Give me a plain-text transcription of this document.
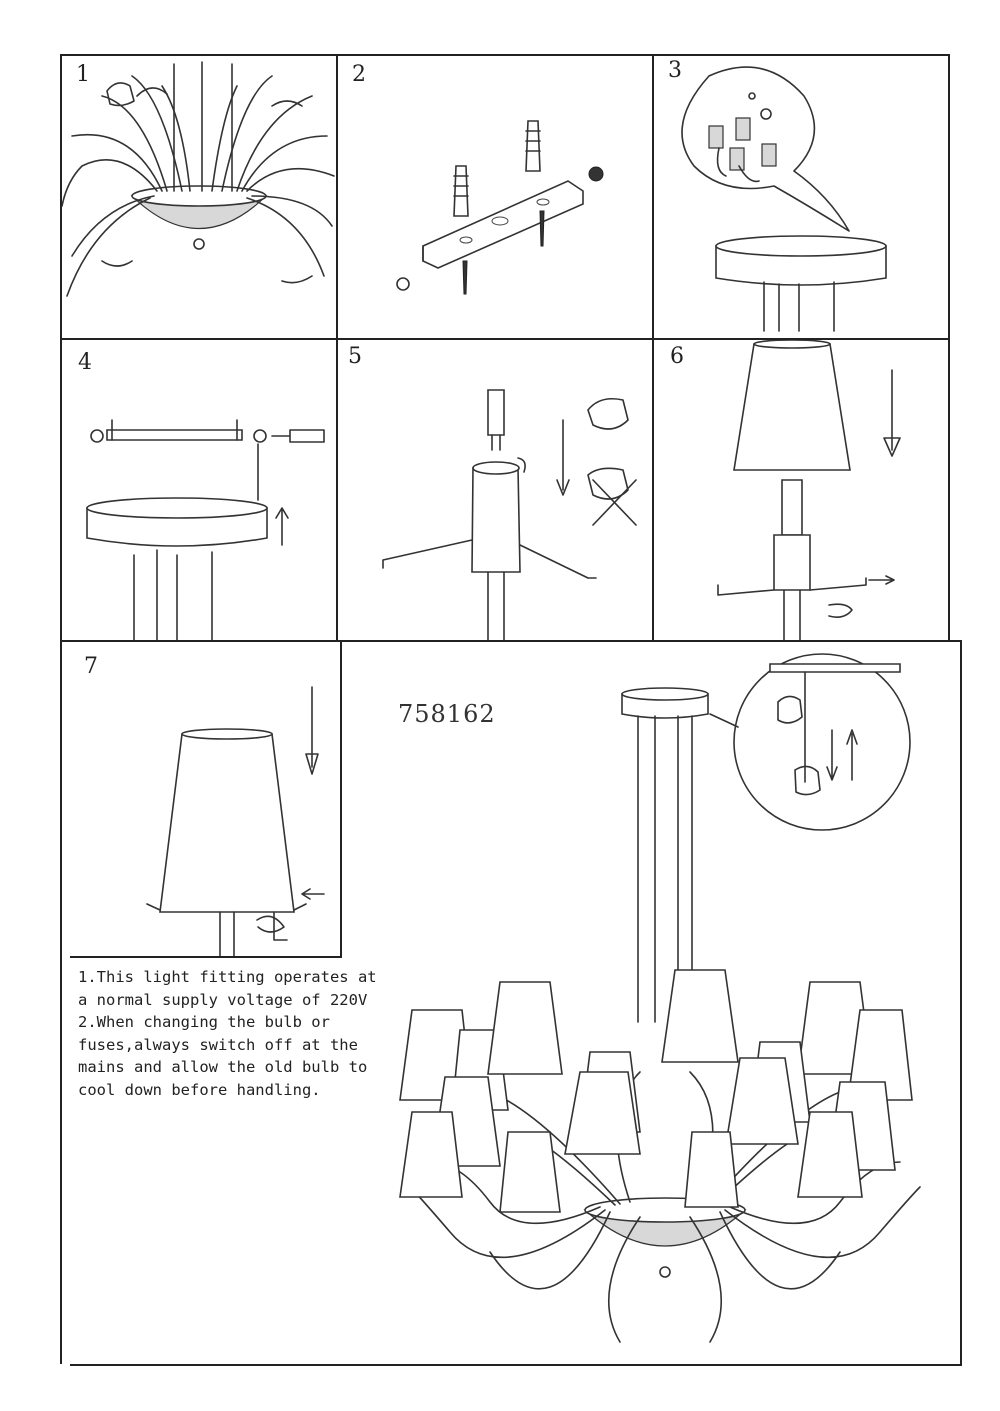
1	2	3
4	5	6
7
758162
1.This light fitting operates at
a normal supply voltage of 220V
2.When changing the bulb or
fuses,always switch off at the
mains and allow the old bulb to
cool down before handling.
